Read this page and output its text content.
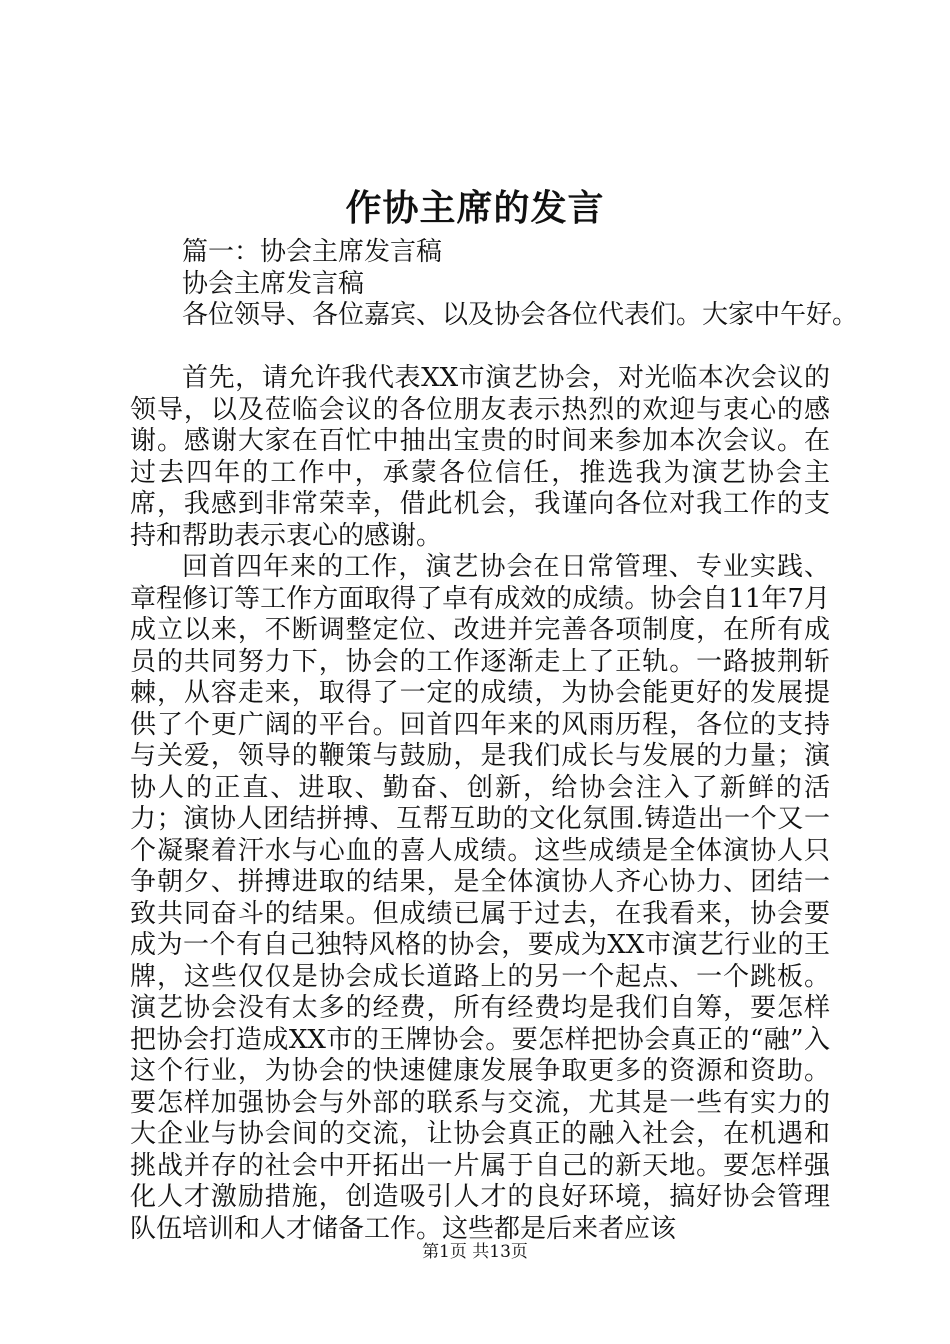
作协主席的发言

篇一：协会主席发言稿

协会主席发言稿

各位领导、各位嘉宾、以及协会各位代表们。大家中午好。

首先，请允许我代表XX市演艺协会，对光临本次会议的领导，以及莅临会议的各位朋友表示热烈的欢迎与衷心的感谢。感谢大家在百忙中抽出宝贵的时间来参加本次会议。在过去四年的工作中，承蒙各位信任，推选我为演艺协会主席，我感到非常荣幸，借此机会，我谨向各位对我工作的支持和帮助表示衷心的感谢。

回首四年来的工作，演艺协会在日常管理、专业实践、章程修订等工作方面取得了卓有成效的成绩。协会自11年7月成立以来，不断调整定位、改进并完善各项制度，在所有成员的共同努力下，协会的工作逐渐走上了正轨。一路披荆斩棘，从容走来，取得了一定的成绩，为协会能更好的发展提供了个更广阔的平台。回首四年来的风雨历程，各位的支持与关爱，领导的鞭策与鼓励，是我们成长与发展的力量；演协人的正直、进取、勤奋、创新，给协会注入了新鲜的活力；演协人团结拼搏、互帮互助的文化氛围.铸造出一个又一个凝聚着汗水与心血的喜人成绩。这些成绩是全体演协人只争朝夕、拼搏进取的结果，是全体演协人齐心协力、团结一致共同奋斗的结果。但成绩已属于过去，在我看来，协会要成为一个有自己独特风格的协会，要成为XX市演艺行业的王牌，这些仅仅是协会成长道路上的另一个起点、一个跳板。演艺协会没有太多的经费，所有经费均是我们自筹，要怎样把协会打造成XX市的王牌协会。要怎样把协会真正的“融”入这个行业，为协会的快速健康发展争取更多的资源和资助。要怎样加强协会与外部的联系与交流，尤其是一些有实力的大企业与协会间的交流，让协会真正的融入社会，在机遇和挑战并存的社会中开拓出一片属于自己的新天地。要怎样强化人才激励措施，创造吸引人才的良好环境，搞好协会管理队伍培训和人才储备工作。这些都是后来者应该

第1页 共13页
